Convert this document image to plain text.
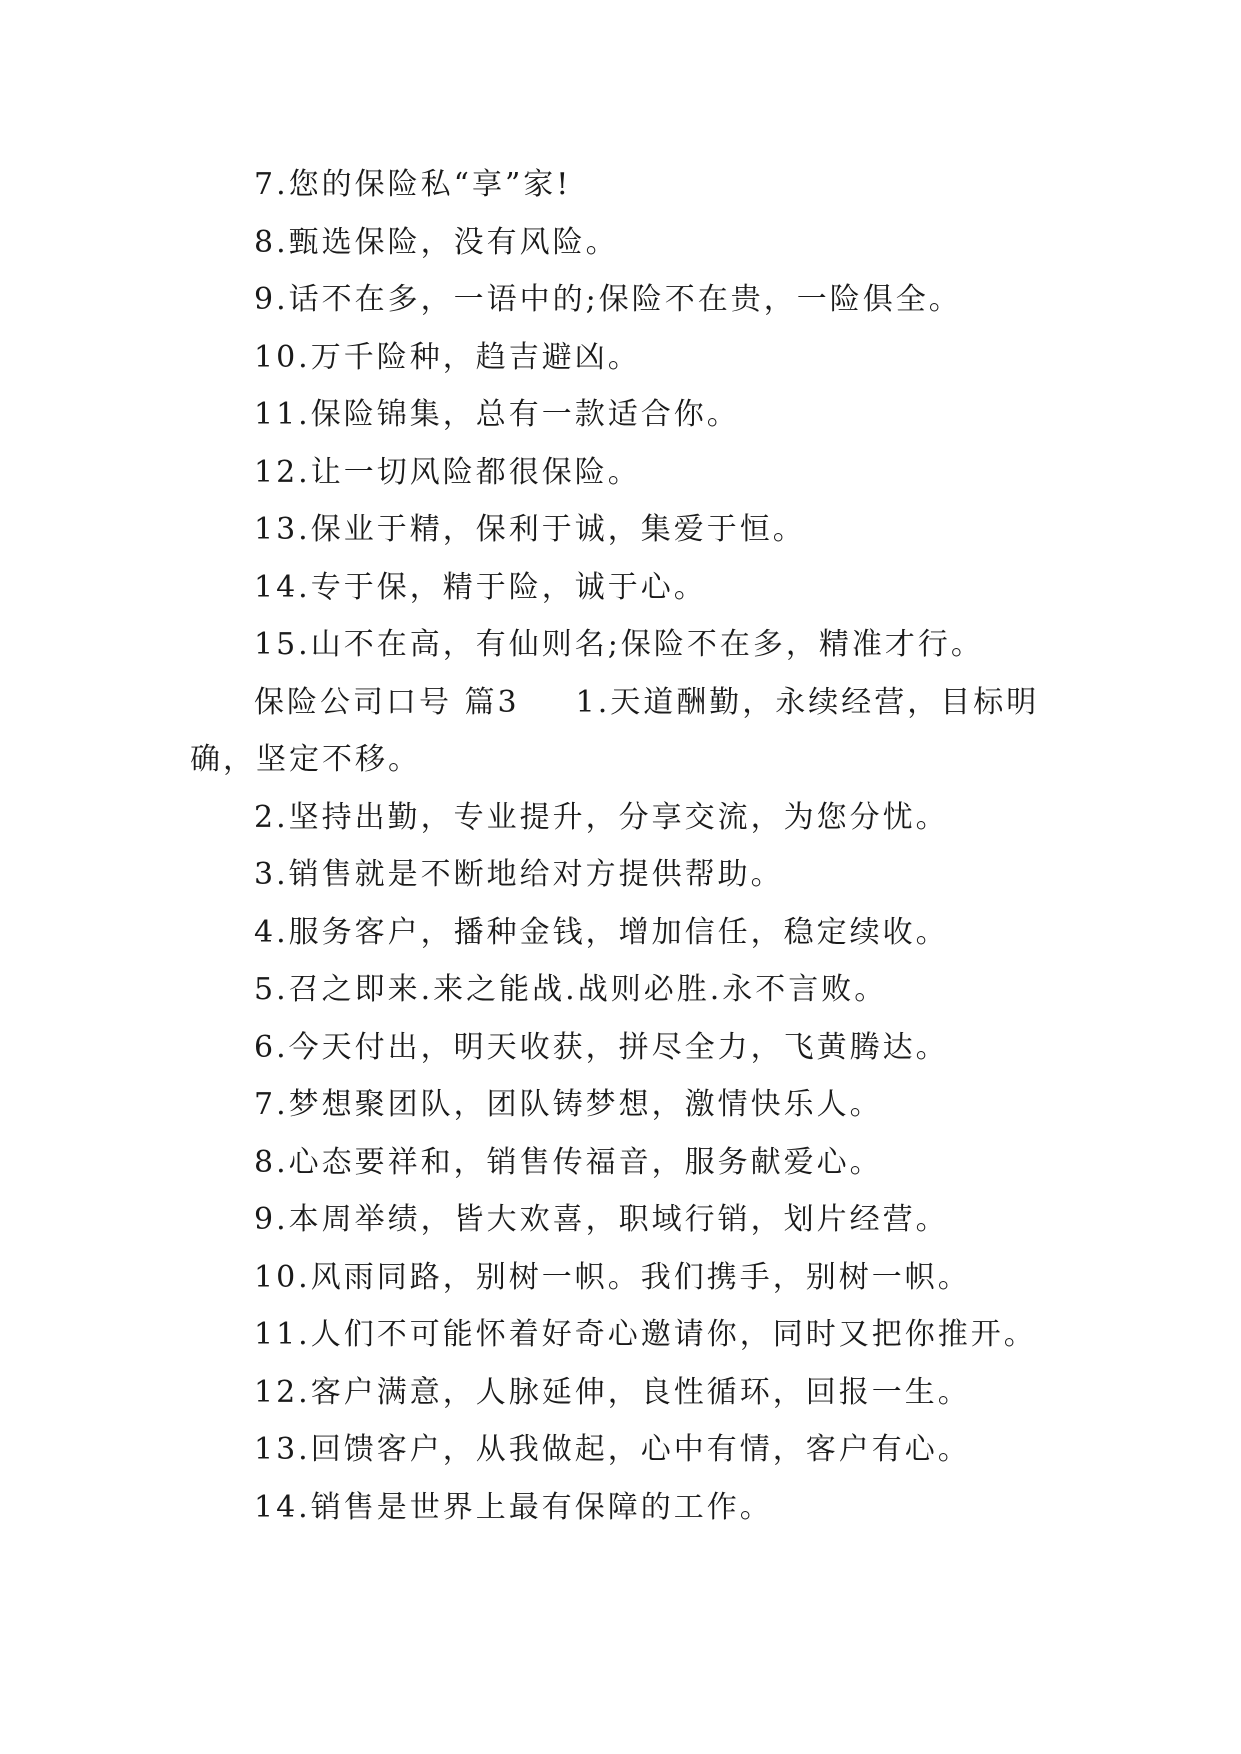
7.您的保险私“享”家!

8.甄选保险，没有风险。

9.话不在多，一语中的;保险不在贵，一险俱全。

10.万千险种，趋吉避凶。

11.保险锦集，总有一款适合你。

12.让一切风险都很保险。

13.保业于精，保利于诚，集爱于恒。

14.专于保，精于险，诚于心。

15.山不在高，有仙则名;保险不在多，精准才行。

保险公司口号 篇3 1.天道酬勤，永续经营，目标明确，坚定不移。

2.坚持出勤，专业提升，分享交流，为您分忧。

3.销售就是不断地给对方提供帮助。

4.服务客户，播种金钱，增加信任，稳定续收。

5.召之即来.来之能战.战则必胜.永不言败。

6.今天付出，明天收获，拼尽全力，飞黄腾达。

7.梦想聚团队，团队铸梦想，激情快乐人。

8.心态要祥和，销售传福音，服务献爱心。

9.本周举绩，皆大欢喜，职域行销，划片经营。

10.风雨同路，别树一帜。我们携手，别树一帜。

11.人们不可能怀着好奇心邀请你，同时又把你推开。

12.客户满意，人脉延伸，良性循环，回报一生。

13.回馈客户，从我做起，心中有情，客户有心。

14.销售是世界上最有保障的工作。
